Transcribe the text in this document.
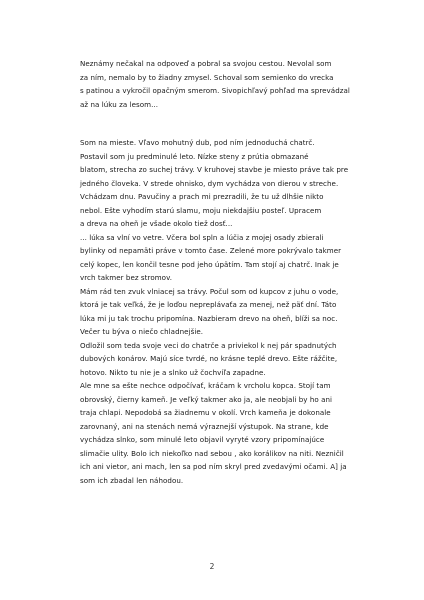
Neznámy nečakal na odpoveď a pobral sa svojou cestou. Nevolal som
za ním, nemalo by to žiadny zmysel. Schoval som semienko do vrecka
s patinou a vykročil opačným smerom. Sivopichľavý pohľad ma sprevádzal
až na lúku za lesom...

Som na mieste. Vľavo mohutný dub, pod ním jednoduchá chatrč.
Postavil som ju predminulé leto. Nízke steny z prútia obmazané
blatom, strecha zo suchej trávy. V kruhovej stavbe je miesto práve tak pre
jedného človeka. V strede ohnisko, dym vychádza von dierou v streche.

Vchádzam dnu. Pavučiny a prach mi prezradili, že tu už dlhšie nikto
nebol. Ešte vyhodím starú slamu, moju niekdajšiu posteľ. Upracem
a dreva na oheň je všade okolo tiež dosť...

... lúka sa vlní vo vetre. Včera bol spln a lúčia z mojej osady zbierali
bylinky od nepamäti práve v tomto čase. Zelené more pokrývalo takmer
celý kopec, len končil tesne pod jeho úpätím. Tam stojí aj chatrč. Inak je
vrch takmer bez stromov.

Mám rád ten zvuk vlniacej sa trávy. Počul som od kupcov z juhu o vode,
ktorá je tak veľká, že je loďou nepreplávaťa za menej, než päť dní. Táto
lúka mi ju tak trochu pripomína. Nazbieram drevo na oheň, blíži sa noc.
Večer tu býva o niečo chladnejšie.

Odložil som teda svoje veci do chatrče a priviekol k nej pár spadnutých
dubových konárov. Majú síce tvrdé, no krásne teplé drevo. Ešte rážčite,
hotovo. Nikto tu nie je a slnko už čochvíľa zapadne.

Ale mne sa ešte nechce odpočívať, kráčam k vrcholu kopca. Stojí tam
obrovský, čierny kameň. Je veľký takmer ako ja, ale neobjali by ho ani
traja chlapi. Nepodobá sa žiadnemu v okolí. Vrch kameňa je dokonale
zarovnaný, ani na stenách nemá výraznejší výstupok. Na strane, kde
vychádza slnko, som minulé leto objavil vyryté vzory pripomínajúce
slimačie ulity. Bolo ich niekoľko nad sebou , ako korálikov na niti. Nezničil
ich ani vietor, ani mach, len sa pod ním skryl pred zvedavými očami. A] ja
som ich zbadal len náhodou.

2
